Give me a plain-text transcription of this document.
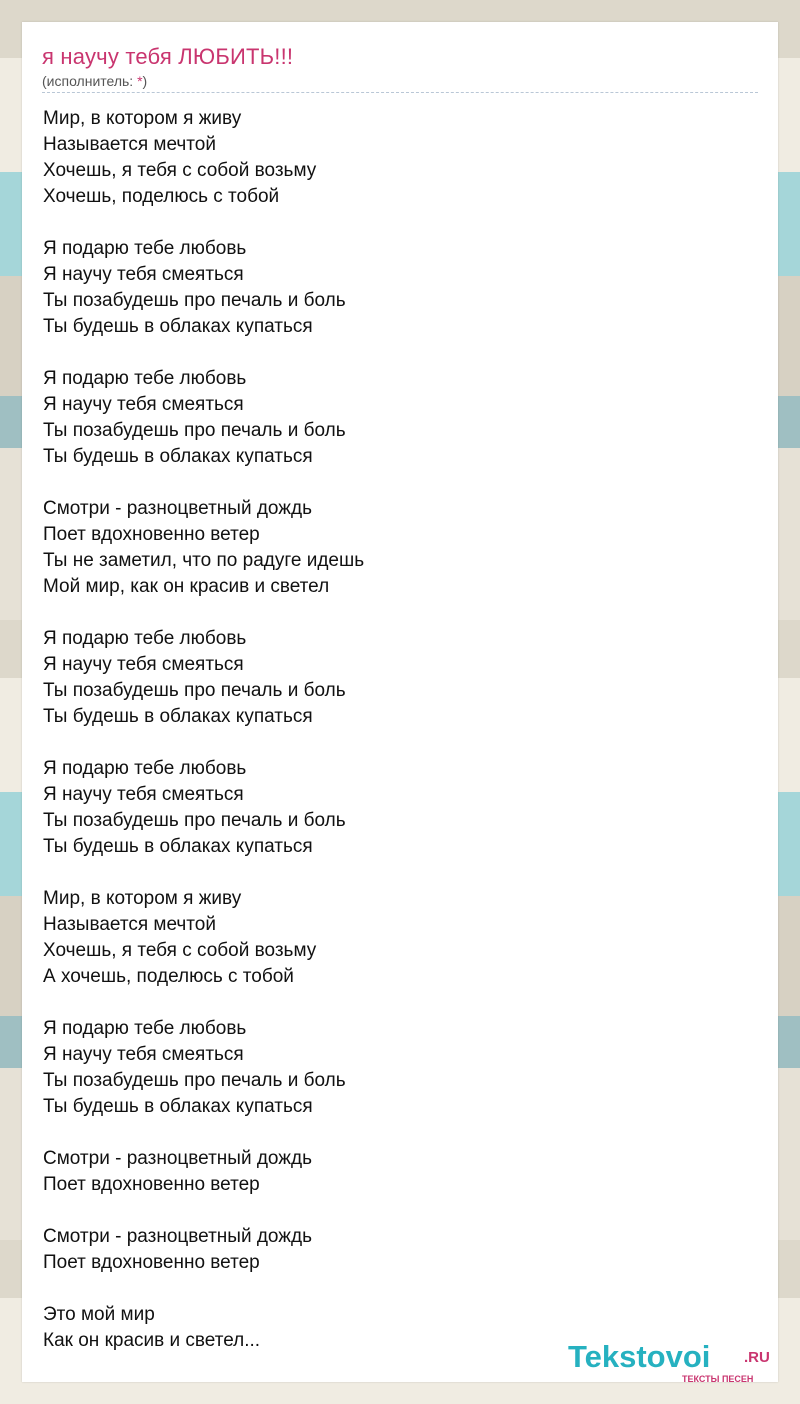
я научу тебя ЛЮБИТЬ!!!
(исполнитель: *)
Мир, в котором я живу
Называется мечтой
Хочешь, я тебя с собой возьму
Хочешь, поделюсь с тобой
Я подарю тебе любовь
Я научу тебя смеяться
Ты позабудешь про печаль и боль
Ты будешь в облаках купаться
Я подарю тебе любовь
Я научу тебя смеяться
Ты позабудешь про печаль и боль
Ты будешь в облаках купаться
Смотри - разноцветный дождь
Поет вдохновенно ветер
Ты не заметил, что по радуге идешь
Мой мир, как он красив и светел
Я подарю тебе любовь
Я научу тебя смеяться
Ты позабудешь про печаль и боль
Ты будешь в облаках купаться
Я подарю тебе любовь
Я научу тебя смеяться
Ты позабудешь про печаль и боль
Ты будешь в облаках купаться
Мир, в котором я живу
Называется мечтой
Хочешь, я тебя с собой возьму
А хочешь, поделюсь с тобой
Я подарю тебе любовь
Я научу тебя смеяться
Ты позабудешь про печаль и боль
Ты будешь в облаках купаться
Смотри - разноцветный дождь
Поет вдохновенно ветер
Смотри - разноцветный дождь
Поет вдохновенно ветер
Это мой мир
Как он красив и светел...	Tekstovoi .RU
ТЕКСТЫ ПЕСЕН
